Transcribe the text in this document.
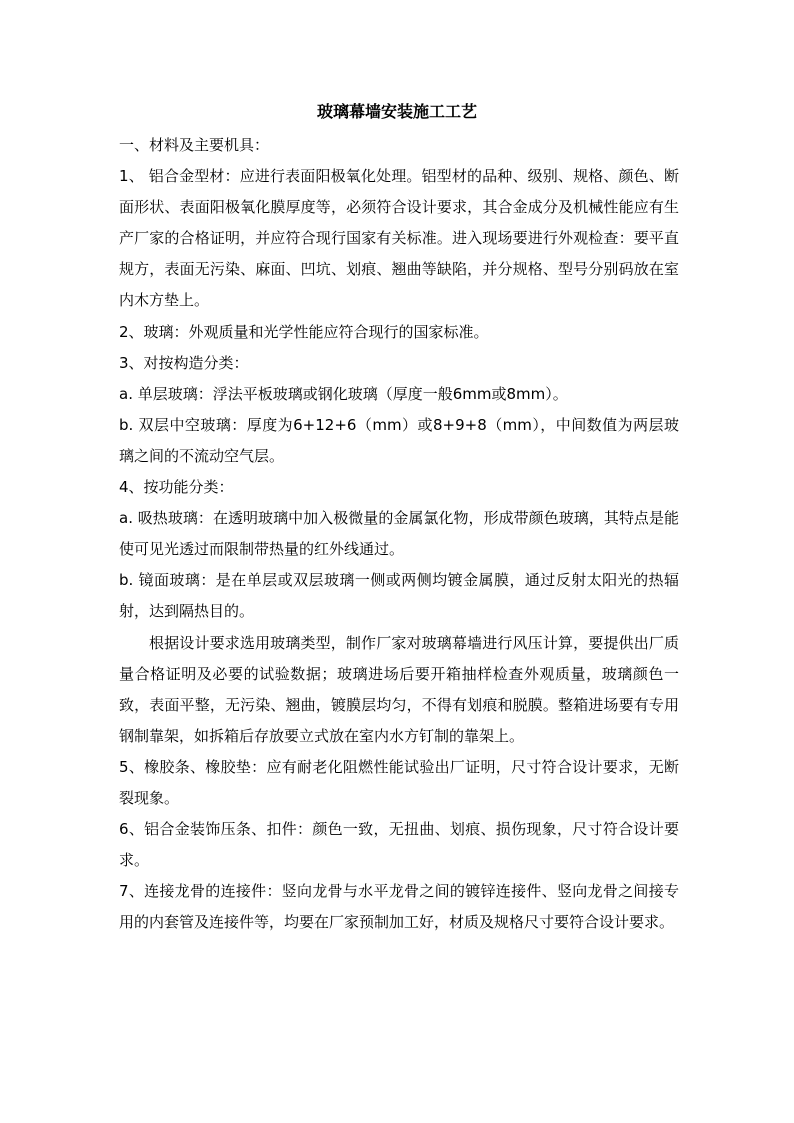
玻璃幕墙安装施工工艺

一、材料及主要机具：

1、 铝合金型材：应进行表面阳极氧化处理。铝型材的品种、级别、规格、颜色、断面形状、表面阳极氧化膜厚度等，必须符合设计要求，其合金成分及机械性能应有生产厂家的合格证明，并应符合现行国家有关标准。进入现场要进行外观检查：要平直规方，表面无污染、麻面、凹坑、划痕、翘曲等缺陷，并分规格、型号分别码放在室内木方垫上。

2、玻璃：外观质量和光学性能应符合现行的国家标准。

3、对按构造分类：

a. 单层玻璃：浮法平板玻璃或钢化玻璃（厚度一般6mm或8mm）。

b. 双层中空玻璃：厚度为6+12+6（mm）或8+9+8（mm），中间数值为两层玻璃之间的不流动空气层。

4、按功能分类：

a. 吸热玻璃：在透明玻璃中加入极微量的金属氯化物，形成带颜色玻璃，其特点是能使可见光透过而限制带热量的红外线通过。

b. 镜面玻璃：是在单层或双层玻璃一侧或两侧均镀金属膜，通过反射太阳光的热辐射，达到隔热目的。

根据设计要求选用玻璃类型，制作厂家对玻璃幕墙进行风压计算，要提供出厂质量合格证明及必要的试验数据；玻璃进场后要开箱抽样检查外观质量，玻璃颜色一致，表面平整，无污染、翘曲，镀膜层均匀，不得有划痕和脱膜。整箱进场要有专用钢制靠架，如拆箱后存放要立式放在室内水方钉制的靠架上。

5、橡胶条、橡胶垫：应有耐老化阻燃性能试验出厂证明，尺寸符合设计要求，无断裂现象。

6、铝合金装饰压条、扣件：颜色一致，无扭曲、划痕、损伤现象，尺寸符合设计要求。

7、连接龙骨的连接件：竖向龙骨与水平龙骨之间的镀锌连接件、竖向龙骨之间接专用的内套管及连接件等，均要在厂家预制加工好，材质及规格尺寸要符合设计要求。
